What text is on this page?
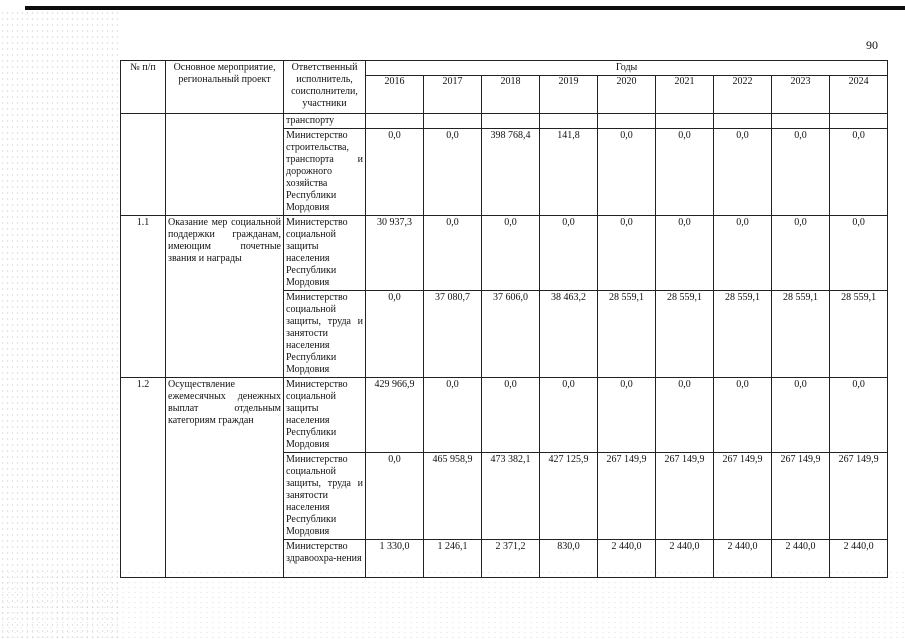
90
№ п/п	Основное мероприятие, региональный проект	Ответственный исполнитель, соисполнители, участники	Годы								
			2016	2017	2018	2019	2020	2021	2022	2023	2024
		транспорту									
		Министерство строительства, транспорта и дорожного хозяйства Республики Мордовия	0,0	0,0	398 768,4	141,8	0,0	0,0	0,0	0,0	0,0
1.1	Оказание мер социальной поддержки гражданам, имеющим почетные звания и награды	Министерство социальной защиты населения Республики Мордовия	30 937,3	0,0	0,0	0,0	0,0	0,0	0,0	0,0	0,0
		Министерство социальной защиты, труда и занятости населения Республики Мордовия	0,0	37 080,7	37 606,0	38 463,2	28 559,1	28 559,1	28 559,1	28 559,1	28 559,1
1.2	Осуществление ежемесячных денежных выплат отдельным категориям граждан	Министерство социальной защиты населения Республики Мордовия	429 966,9	0,0	0,0	0,0	0,0	0,0	0,0	0,0	0,0
		Министерство социальной защиты, труда и занятости населения Республики Мордовия	0,0	465 958,9	473 382,1	427 125,9	267 149,9	267 149,9	267 149,9	267 149,9	267 149,9
		Министерство здравоохра-нения	1 330,0	1 246,1	2 371,2	830,0	2 440,0	2 440,0	2 440,0	2 440,0	2 440,0
